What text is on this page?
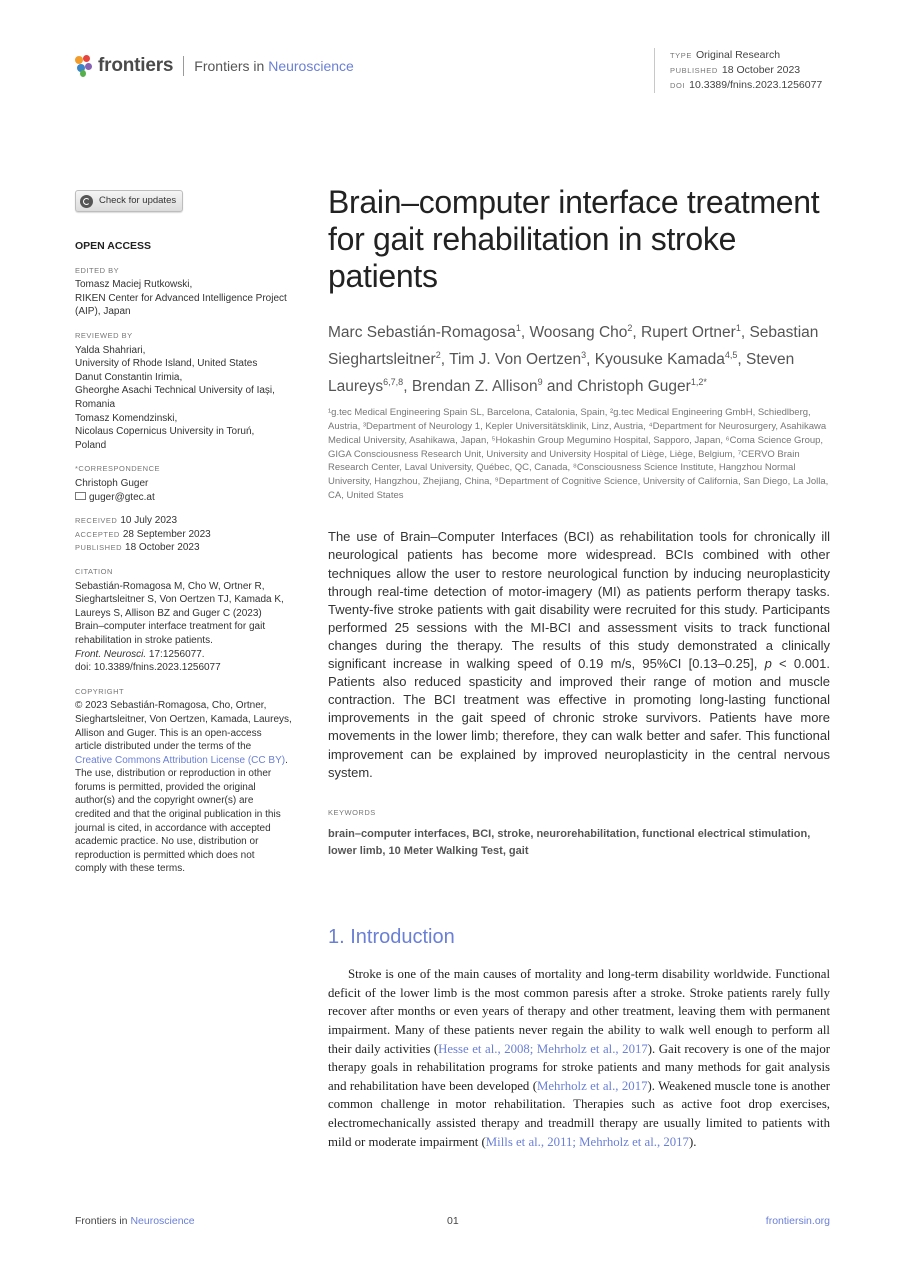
frontiers Frontiers in Neuroscience
TYPE Original Research
PUBLISHED 18 October 2023
DOI 10.3389/fnins.2023.1256077
Check for updates
OPEN ACCESS
EDITED BY
Tomasz Maciej Rutkowski,
RIKEN Center for Advanced Intelligence Project
(AIP), Japan
REVIEWED BY
Yalda Shahriari,
University of Rhode Island, United States
Danut Constantin Irimia,
Gheorghe Asachi Technical University of Iași,
Romania
Tomasz Komendzinski,
Nicolaus Copernicus University in Toruń,
Poland
*CORRESPONDENCE
Christoph Guger
guger@gtec.at
RECEIVED 10 July 2023
ACCEPTED 28 September 2023
PUBLISHED 18 October 2023
CITATION
Sebastián-Romagosa M, Cho W, Ortner R,
Sieghartsleitner S, Von Oertzen TJ, Kamada K,
Laureys S, Allison BZ and Guger C (2023)
Brain–computer interface treatment for gait
rehabilitation in stroke patients.
Front. Neurosci. 17:1256077.
doi: 10.3389/fnins.2023.1256077
COPYRIGHT
© 2023 Sebastián-Romagosa, Cho, Ortner,
Sieghartsleitner, Von Oertzen, Kamada, Laureys,
Allison and Guger. This is an open-access
article distributed under the terms of the
Creative Commons Attribution License (CC BY).
The use, distribution or reproduction in other
forums is permitted, provided the original
author(s) and the copyright owner(s) are
credited and that the original publication in this
journal is cited, in accordance with accepted
academic practice. No use, distribution or
reproduction is permitted which does not
comply with these terms.
Brain–computer interface treatment for gait rehabilitation in stroke patients
Marc Sebastián-Romagosa$^1$, Woosang Cho$^2$, Rupert Ortner$^1$, Sebastian Sieghartsleitner$^2$, Tim J. Von Oertzen$^3$, Kyousuke Kamada$^{4,5}$, Steven Laureys$^{6,7,8}$, Brendan Z. Allison$^9$ and Christoph Guger$^{1,2*}$
¹g.tec Medical Engineering Spain SL, Barcelona, Catalonia, Spain, ²g.tec Medical Engineering GmbH, Schiedlberg, Austria, ³Department of Neurology 1, Kepler Universitätsklinik, Linz, Austria, ⁴Department for Neurosurgery, Asahikawa Medical University, Asahikawa, Japan, ⁵Hokashin Group Megumino Hospital, Sapporo, Japan, ⁶Coma Science Group, GIGA Consciousness Research Unit, University and University Hospital of Liège, Liège, Belgium, ⁷CERVO Brain Research Center, Laval University, Québec, QC, Canada, ⁸Consciousness Science Institute, Hangzhou Normal University, Hangzhou, Zhejiang, China, ⁹Department of Cognitive Science, University of California, San Diego, La Jolla, CA, United States
The use of Brain–Computer Interfaces (BCI) as rehabilitation tools for chronically ill neurological patients has become more widespread. BCIs combined with other techniques allow the user to restore neurological function by inducing neuroplasticity through real-time detection of motor-imagery (MI) as patients perform therapy tasks. Twenty-five stroke patients with gait disability were recruited for this study. Participants performed 25 sessions with the MI-BCI and assessment visits to track functional changes during the therapy. The results of this study demonstrated a clinically significant increase in walking speed of 0.19 m/s, 95%CI [0.13–0.25], p < 0.001. Patients also reduced spasticity and improved their range of motion and muscle contraction. The BCI treatment was effective in promoting long-lasting functional improvements in the gait speed of chronic stroke survivors. Patients have more movements in the lower limb; therefore, they can walk better and safer. This functional improvement can be explained by improved neuroplasticity in the central nervous system.
KEYWORDS
brain–computer interfaces, BCI, stroke, neurorehabilitation, functional electrical stimulation, lower limb, 10 Meter Walking Test, gait
1. Introduction
Stroke is one of the main causes of mortality and long-term disability worldwide. Functional deficit of the lower limb is the most common paresis after a stroke. Stroke patients rarely fully recover after months or even years of therapy and other treatment, leaving them with permanent impairment. Many of these patients never regain the ability to walk well enough to perform all their daily activities (Hesse et al., 2008; Mehrholz et al., 2017). Gait recovery is one of the major therapy goals in rehabilitation programs for stroke patients and many methods for gait analysis and rehabilitation have been developed (Mehrholz et al., 2017). Weakened muscle tone is another common challenge in motor rehabilitation. Therapies such as active foot drop exercises, electromechanically assisted therapy and treadmill therapy are usually limited to patients with mild or moderate impairment (Mills et al., 2011; Mehrholz et al., 2017).
Frontiers in Neuroscience	01	frontiersin.org
